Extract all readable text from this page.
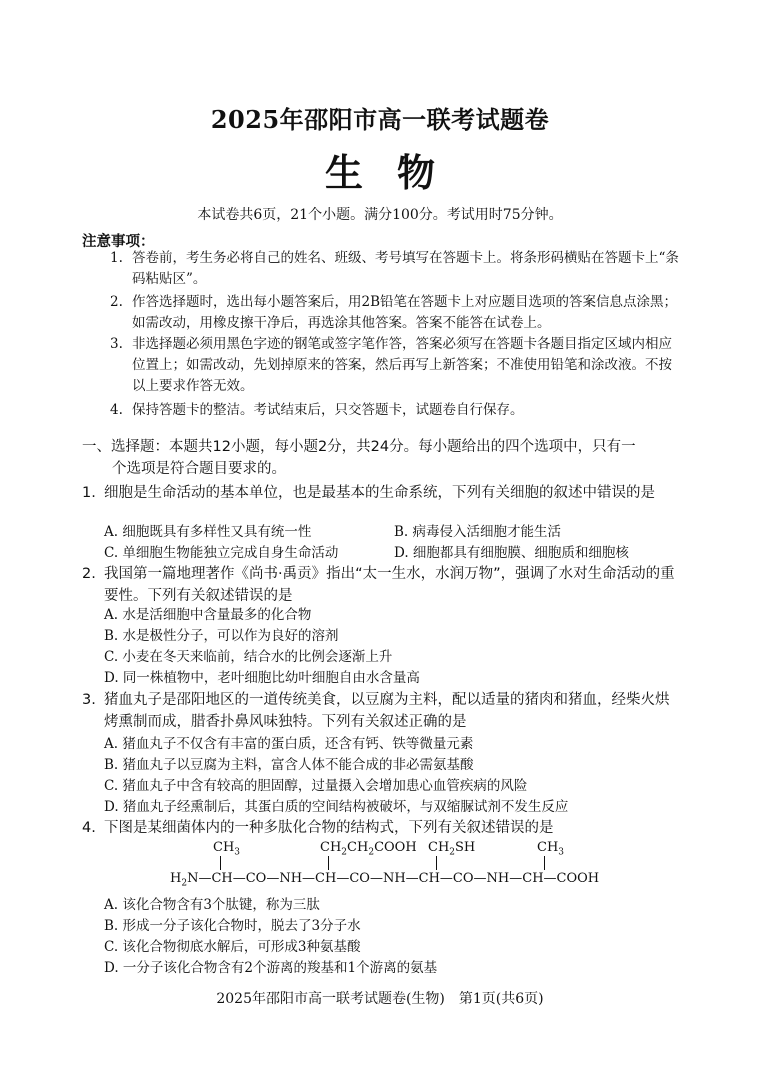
2025年邵阳市高一联考试题卷
生物
本试卷共6页，21个小题。满分100分。考试用时75分钟。
注意事项：
1. 答卷前，考生务必将自己的姓名、班级、考号填写在答题卡上。将条形码横贴在答题卡上“条码粘贴区”。
2. 作答选择题时，选出每小题答案后，用2B铅笔在答题卡上对应题目选项的答案信息点涂黑；如需改动，用橡皮擦干净后，再选涂其他答案。答案不能答在试卷上。
3. 非选择题必须用黑色字迹的钢笔或签字笔作答，答案必须写在答题卡各题目指定区域内相应位置上；如需改动，先划掉原来的答案，然后再写上新答案；不准使用铅笔和涂改液。不按以上要求作答无效。
4. 保持答题卡的整洁。考试结束后，只交答题卡，试题卷自行保存。
一、选择题：本题共12小题，每小题2分，共24分。每小题给出的四个选项中，只有一
个选项是符合题目要求的。
1. 细胞是生命活动的基本单位，也是最基本的生命系统，下列有关细胞的叙述中错误的是
A. 细胞既具有多样性又具有统一性	B. 病毒侵入活细胞才能生活
C. 单细胞生物能独立完成自身生命活动	D. 细胞都具有细胞膜、细胞质和细胞核
2. 我国第一篇地理著作《尚书·禹贡》指出“太一生水，水润万物”，强调了水对生命活动的重要性。下列有关叙述错误的是
A. 水是活细胞中含量最多的化合物
B. 水是极性分子，可以作为良好的溶剂
C. 小麦在冬天来临前，结合水的比例会逐渐上升
D. 同一株植物中，老叶细胞比幼叶细胞自由水含量高
3. 猪血丸子是邵阳地区的一道传统美食，以豆腐为主料，配以适量的猪肉和猪血，经柴火烘烤熏制而成，腊香扑鼻风味独特。下列有关叙述正确的是
A. 猪血丸子不仅含有丰富的蛋白质，还含有钙、铁等微量元素
B. 猪血丸子以豆腐为主料，富含人体不能合成的非必需氨基酸
C. 猪血丸子中含有较高的胆固醇，过量摄入会增加患心血管疾病的风险
D. 猪血丸子经熏制后，其蛋白质的空间结构被破坏，与双缩脲试剂不发生反应
4. 下图是某细菌体内的一种多肽化合物的结构式，下列有关叙述错误的是
$CH_3$	$CH_2CH_2COOH$ $CH_2SH$	$CH_3$
$H_2N—CH—CO—NH—CH—CO—NH—CH—CO—NH—CH—COOH$
A. 该化合物含有3个肽键，称为三肽
B. 形成一分子该化合物时，脱去了3分子水
C. 该化合物彻底水解后，可形成3种氨基酸
D. 一分子该化合物含有2个游离的羧基和1个游离的氨基
2025年邵阳市高一联考试题卷(生物)　第1页(共6页)
